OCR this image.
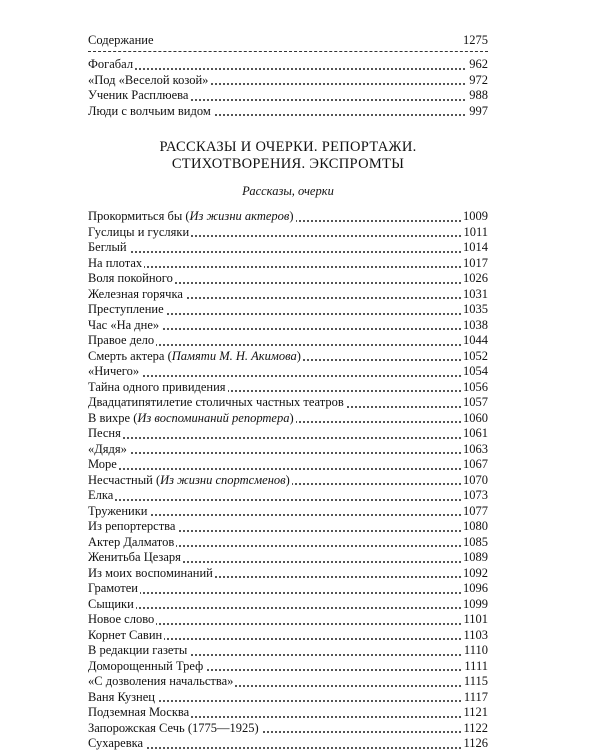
Содержание	1275
Фогабал	962
«Под «Веселой козой»	972
Ученик Расплюева	988
Люди с волчьим видом	997
РАССКАЗЫ И ОЧЕРКИ. РЕПОРТАЖИ.
СТИХОТВОРЕНИЯ. ЭКСПРОМТЫ
Рассказы, очерки
Прокормиться бы (Из жизни актеров)	1009
Гуслицы и гусляки	1011
Беглый	1014
На плотах	1017
Воля покойного	1026
Железная горячка	1031
Преступление	1035
Час «На дне»	1038
Правое дело	1044
Смерть актера (Памяти М. Н. Акимова)	1052
«Ничего»	1054
Тайна одного привидения	1056
Двадцатипятилетие столичных частных театров	1057
В вихре (Из воспоминаний репортера)	1060
Песня	1061
«Дядя»	1063
Море	1067
Несчастный (Из жизни спортсменов)	1070
Елка	1073
Труженики	1077
Из репортерства	1080
Актер Далматов	1085
Женитьба Цезаря	1089
Из моих воспоминаний	1092
Грамотеи	1096
Сыщики	1099
Новое слово	1101
Корнет Савин	1103
В редакции газеты	1110
Доморощенный Треф	1111
«С дозволения начальства»	1115
Ваня Кузнец	1117
Подземная Москва	1121
Запорожская Сечь (1775—1925)	1122
Сухаревка	1126
